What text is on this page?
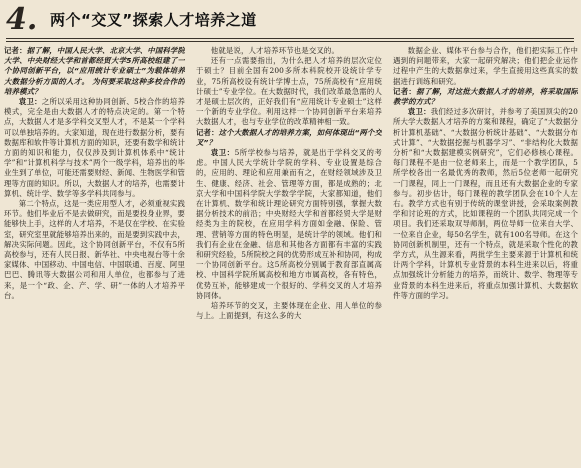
4. 两个“交叉”探索人才培养之道

记者：据了解，中国人民大学、北京大学、中国科学院大学、中央财经大学和首都经贸大学5所高校组建了一个协同创新平台，以“应用统计专业硕士”为载体培养大数据分析方面的人才。 为何要采取这种多校合作的培养模式？

袁卫：之所以采用这种协同创新、5校合作的培养模式，完全是由大数据人才的特点决定的。第一个特点，大数据人才是多学科交叉型人才，不是某一个学科可以单独培养的。大家知道，现在进行数据分析，要有数据库和软件等计算机方面的知识，还要有数学和统计方面的知识和能力，仅仅涉及到计算机体系中“统计学”和“计算机科学与技术”两个一级学科，培养出的毕业生到了单位，可能还需要财经、新闻、生物医学和管理等方面的知识。所以，大数据人才的培养，也需要计算机、统计学、数学等多学科共同参与。

第二个特点，这是一类应用型人才，必须重视实践环节。他们毕业后不是去做研究，而是要投身业界，要能够快上手，这样的人才培养，不是仅在学校、在实验室，研究室里就能够培养出来的，而是要到实践中去，解决实际问题。因此，这个协同创新平台，不仅有5所高校参与，还有人民日报、新华社、中央电视台等十余家媒体、中国移动、中国电信、中国联通、百度、阿里巴巴、腾讯等大数据公司和用人单位，也都参与了进来，是一个“政、企、产、学、研”一体的人才培养平台。

他就是说，人才培养环节也是交叉的。

还有一点需要指出，为什么把人才培养的层次定位于硕士？目前全国有200多所本科院校开设统计学专业，75所高校设有统计学博士点，75所高校有“应用统计硕士”专业学位。在大数据时代，我们改革最急需的人才是硕士层次的，正好我们有“应用统计专业硕士”这样一个新的专业学位。利用这样一个协同创新平台来培养大数据人才，也与专业学位的改革精神相一致。

记者：这个大数据人才的培养方案，如何体现出“两个交叉”？

袁卫：5所学校参与培养，就是出于学科交叉的考虑。中国人民大学统计学院的学科、专业设置是综合的，应用的、理论和应用兼而有之，在财经领域涉及卫生、健康、经济、社会、管理等方面，都是成熟的；北京大学和中国科学院大学数学学院，大家都知道，他们在计算机、数学和统计理论研究方面特别强，掌握大数据分析技术的前沿；中央财经大学和首都经贸大学是财经类为主的院校，在应用学科方面如金融、保险、管理、营销等方面的特色明显，是统计学的领域。他们和我们有企业在金融、信息和其他各方面都有丰富的实践和研究经验，5所院校之间的优势形成互补和协同，构成一个协同创新平台。这5所高校分别属于教育部直属高校、中国科学院所属高校和地方市属高校，各有特色，优势互补，能够建成一个很好的、学科交叉的人才培养协同体。

培养环节的交叉，主要体现在企业、用人单位的参与上。上面提到，有这么多的大

数据企业、媒体平台参与合作，他们把实际工作中遇到的问题带来，大家一起研究解决；他们把企业运作过程中产生的大数据拿过来，学生直接用这些真实的数据进行训练和研究。

记者：据了解，对这批大数据人才的培养，将采取国际教学的方式？

袁卫：我们经过多次研讨，并参考了美国顶尖的20所大学大数据人才培养的方案和课程，确定了“大数据分析计算机基础”、“大数据分析统计基础”、“大数据分布式计算”、“大数据挖掘与机器学习”、“非结构化大数据分析”和“大数据建模实例研究”，它们必修核心课程。每门课程不是由一位老师来上，而是一个教学团队，5所学校各出一名最优秀的教师，然后5位老师一起研究一门课程，同上一门课程，而且还有大数据企业的专家参与。初步估计，每门课程的教学团队会在10个人左右。教学方式也有别于传统的课堂讲授，会采取案例教学和讨论班的方式，比如课程的一个团队共同完成一个项目。我们还采取双导师制，两位导师一位来自大学、一位来自企业，每50名学生，就有100名导师。在这个协同创新机制里，还有一个特点，就是采取个性化的教学方式，从生源来看，两批学生主要来源于计算机和统计两个学科，计算机专业背景的本科生进来以后，将重点加强统计分析能力的培养，而统计、数学、物理等专业背景的本科生进来后，将重点加强计算机、大数据软件等方面的学习。
